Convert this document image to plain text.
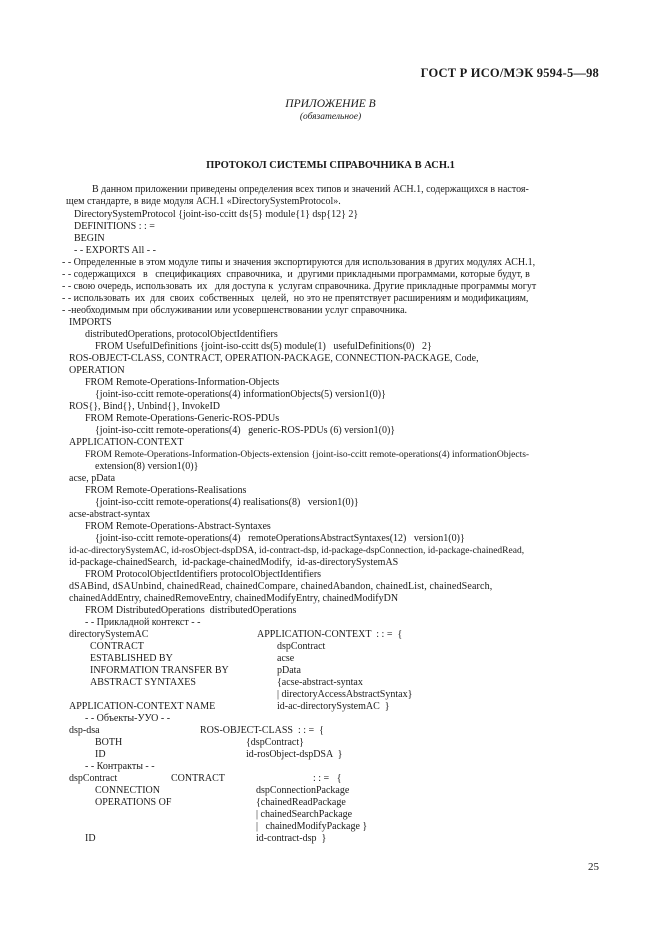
ГОСТ Р ИСО/МЭК 9594-5—98
ПРИЛОЖЕНИЕ В
(обязательное)
ПРОТОКОЛ СИСТЕМЫ СПРАВОЧНИКА В АСН.1
В данном приложении приведены определения всех типов и значений АСН.1, содержащихся в настоя-
щем стандарте, в виде модуля АСН.1 «DirectorySystemProtocol».
DirectorySystemProtocol {joint-iso-ccitt ds{5} module{1} dsp{12} 2}
DEFINITIONS : : =
BEGIN
- - EXPORTS All - -
- - Определенные в этом модуле типы и значения экспортируются для использования в других модулях АСН.1,
- - содержащихся   в   спецификациях  справочника,  и  другими прикладными программами, которые будут, в
- - свою очередь, использовать  их   для доступа к  услугам справочника. Другие прикладные программы могут
- - использовать  их  для  своих  собственных   целей,  но это не препятствует расширениям и модификациям,
- -необходимым при обслуживании или усовершенствовании услуг справочника.
IMPORTS
distributedOperations, protocolObjectIdentifiers
FROM UsefulDefinitions {joint-iso-ccitt ds(5) module(1)   usefulDefinitions(0)   2}
ROS-OBJECT-CLASS, CONTRACT, OPERATION-PACKAGE, CONNECTION-PACKAGE, Code,
OPERATION
FROM Remote-Operations-Information-Objects
{joint-iso-ccitt remote-operations(4) informationObjects(5) version1(0)}
ROS{}, Bind{}, Unbind{}, InvokeID
FROM Remote-Operations-Generic-ROS-PDUs
{joint-iso-ccitt remote-operations(4)   generic-ROS-PDUs (6) version1(0)}
APPLICATION-CONTEXT
FROM Remote-Operations-Information-Objects-extension {joint-iso-ccitt remote-operations(4) informationObjects-
extension(8) version1(0)}
acse, pData
FROM Remote-Operations-Realisations
{joint-iso-ccitt remote-operations(4) realisations(8)   version1(0)}
acse-abstract-syntax
FROM Remote-Operations-Abstract-Syntaxes
{joint-iso-ccitt remote-operations(4)   remoteOperationsAbstractSyntaxes(12)   version1(0)}
id-ac-directorySystemAC, id-rosObject-dspDSA, id-contract-dsp, id-package-dspConnection, id-package-chainedRead,
id-package-chainedSearch,  id-package-chainedModify,  id-as-directorySystemAS
FROM ProtocolObjectIdentifiers protocolObjectIdentifiers
dSABind, dSAUnbind, chainedRead, chainedCompare, chainedAbandon, chainedList, chainedSearch,
chainedAddEntry, chainedRemoveEntry, chainedModifyEntry, chainedModifyDN
FROM DistributedOperations  distributedOperations
- - Прикладной контекст - -
directorySystemAC	APPLICATION-CONTEXT  : : =  {
CONTRACT	dspContract
ESTABLISHED BY	acse
INFORMATION TRANSFER BY	pData
ABSTRACT SYNTAXES	{acse-abstract-syntax
| directoryAccessAbstractSyntax}
APPLICATION-CONTEXT NAME	id-ac-directorySystemAC  }
- - Объекты-УУО - -
dsp-dsa	ROS-OBJECT-CLASS  : : =  {
BOTH	{dspContract}
ID	id-rosObject-dspDSA  }
- - Контракты - -
dspContract	CONTRACT	: : =   {
CONNECTION	dspConnectionPackage
OPERATIONS OF	{chainedReadPackage
| chainedSearchPackage
|   chainedModifyPackage }
ID	id-contract-dsp  }
25
